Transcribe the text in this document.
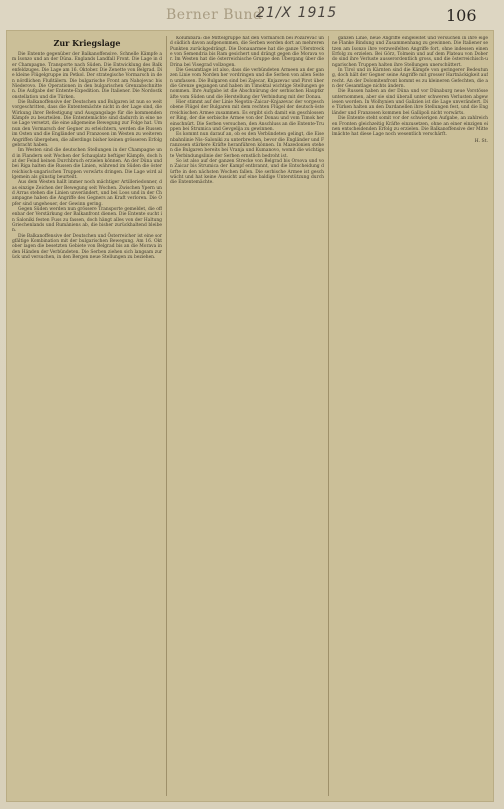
Berner Bund
21/X 1915	106
Zur Kriegslage
Die Entente gegenüber der Balkanoffensive. Schnelle Kämpfe am Isonzo und an der Düna. Englands Landfall Front. Die Lage in der Champagne. Transporte nach Süden. Die Entwicklung des Balkenfeldzuges. Die Lage am 16. Oktober. Die Zenette von Belgrad. Die kleine Flügelgruppe im Petkol. Der strategische Vormarsch in den nördlichen Flußtälern. Die bulgarische Front am Nahojevac bis Niederovo. Die Operationen in den bulgarischen Grenzabschnitten. Die Aufgabe der Entente-Expedition. Die Italiener. Die Nordostkonstellation und die Türken.
Die Balkanoffensive der Deutschen und Bulgaren ist nun so weit vorgeschritten, dass die Ententemächte nicht in der Lage sind, die Wirkung ihrer Befestigung und Ausgangslage für die kommenden Kämpfe zu beurteilen. Die Ententemächte sind dadurch in eine neue Lage versetzt, die eine allgemeine Bewegung zur Folge hat. Um nun den Vormarsch der Gegner zu erleichtern, werden die Russen im Osten und die Engländer und Franzosen im Westen zu weiteren Angriffen übergehen, die allerdings bisher keinen grösseren Erfolg gebracht haben.
Im Westen sind die deutschen Stellungen in der Champagne und in Flandern seit Wochen der Schauplatz heftiger Kämpfe, doch hat der Feind keinen Durchbruch erzielen können. An der Düna und bei Riga halten die Russen die Linien, während im Süden die österreichisch-ungarischen Truppen vorwärts dringen. Die Lage wird allgemein als günstig beurteilt.
Aus dem Westen hallt immer noch mächtiger Artilleriedonner, das einzige Zeichen der Bewegung seit Wochen. Zwischen Ypern und Arras stehen die Linien unverändert, und bei Loos und in der Champagne haben die Angriffe des Gegners an Kraft verloren. Die Opfer sind ungeheuer, der Gewinn gering.
Gegen Süden werden nun grössere Transporte gemeldet, die offenbar der Verstärkung der Balkanfront dienen. Die Entente sucht in Saloniki festen Fuss zu fassen, doch hängt alles von der Haltung Griechenlands und Rumäniens ab, die bisher zurückhaltend bleiben.
Die Balkanoffensive der Deutschen und Österreicher ist eine sorgfältige Kombination mit der bulgarischen Bewegung. Am 16. Oktober lagen die besetzten Gebiete von Belgrad bis an die Morava in den Händen der Verbündeten. Die Serben ziehen sich langsam zurück und versuchen, in den Bergen neue Stellungen zu beziehen.
Kolumbara: die Mittelgruppe hat den Vormarsch bei Pozarevac und südlich davon aufgenommen, die Serben werden dort an mehreren Punkten zurückgedrängt. Die Donauarmee hat die ganze Uferstrecke von Semendria bis Ram gesichert und drängt gegen die Morava vor. Im Westen hat die österreichische Gruppe den Übergang über die Drina bei Visegrad vollzogen.
Die Gesamtlage ist also, dass die verbündeten Armeen an der ganzen Linie vom Norden her vordringen und die Serben von allen Seiten umfassen. Die Bulgaren sind bei Zajecar, Knjazevac und Pirot über die Grenze gegangen und haben im Timoktal wichtige Stellungen genommen. Ihre Aufgabe ist die Abschnürung der serbischen Hauptkräfte vom Süden und die Herstellung der Verbindung mit der Donau.
Hier stimmt auf der Linie Negotin–Zaicar–Knjazevac der vorgeschobene Flügel der Bulgaren mit dem rechten Flügel der deutsch-österreichischen Armee zusammen. Es ergibt sich damit ein geschlossener Ring, der die serbische Armee von der Donau und vom Timok her einschnürt. Die Serben versuchen, den Anschluss an die Entente-Truppen bei Strumica und Gevgelija zu gewinnen.
Es kommt nun darauf an, ob es den Verbündeten gelingt, die Eisenbahnlinie Nis–Saloniki zu unterbrechen, bevor die Engländer und Franzosen stärkere Kräfte heranführen können. In Mazedonien stehen die Bulgaren bereits bei Vranja und Kumanovo, womit die wichtigste Verbindungslinie der Serben ernstlich bedroht ist.
So ist also auf der ganzen Strecke von Belgrad bis Orsova und von Zaicar bis Strumica der Kampf entbrannt, und die Entscheidung dürfte in den nächsten Wochen fallen. Die serbische Armee ist geschwächt und hat keine Aussicht auf eine baldige Unterstützung durch die Ententemächte.
ganzen Linie, neue Angriffe eingeleitet und versuchen in ihre eigene Flanke Bindung und Zusammenhang zu gewinnen. Die Italiener setzen am Isonzo ihre verzweifelten Angriffe fort, ohne indessen einen Erfolg zu erzielen. Bei Görz, Tolmein und auf dem Plateau von Doberdo sind ihre Verluste ausserordentlich gross, und die österreichisch-ungarischen Truppen halten ihre Stellungen unerschüttert.
In Tirol und in Kärnten sind die Kämpfe von geringerer Bedeutung, doch hält der Gegner seine Angriffe mit grosser Hartnäckigkeit aufrecht. An der Dolomitenfront kommt es zu kleineren Gefechten, die an der Gesamtlage nichts ändern.
Die Russen haben an der Düna und vor Dünaburg neue Vorstösse unternommen, aber sie sind überall unter schweren Verlusten abgewiesen worden. In Wolhynien und Galizien ist die Lage unverändert. Die Türken halten an den Dardanellen ihre Stellungen fest, und die Engländer und Franzosen kommen bei Gallipoli nicht vorwärts.
Die Entente steht somit vor der schwierigen Aufgabe, an zahlreichen Fronten gleichzeitig Kräfte einzusetzen, ohne an einer einzigen einen entscheidenden Erfolg zu erzielen. Die Balkanoffensive der Mittelmächte hat diese Lage noch wesentlich verschärft.
H. St.
